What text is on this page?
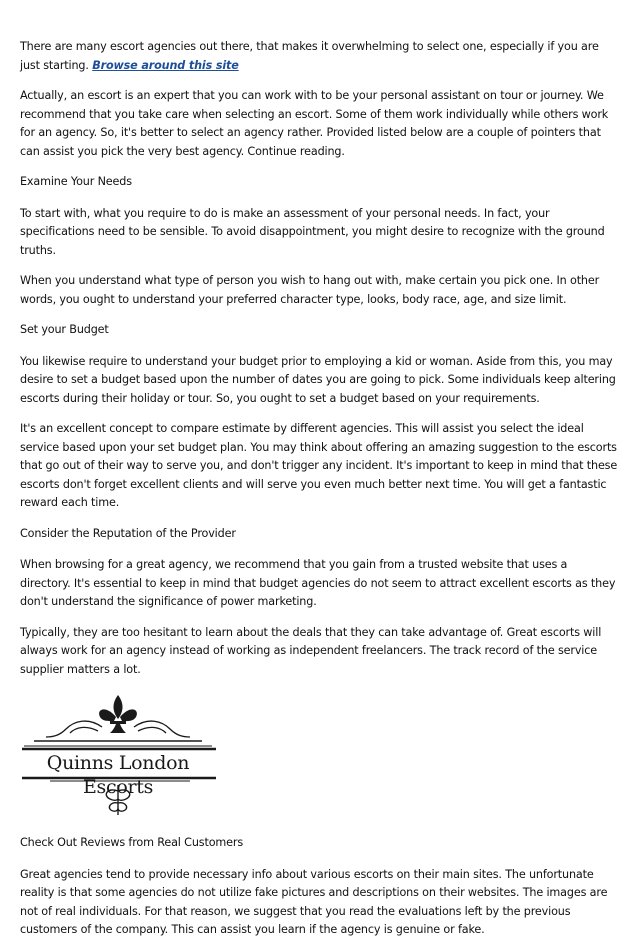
There are many escort agencies out there, that makes it overwhelming to select one, especially if you are just starting. Browse around this site

Actually, an escort is an expert that you can work with to be your personal assistant on tour or journey. We recommend that you take care when selecting an escort. Some of them work individually while others work for an agency. So, it's better to select an agency rather. Provided listed below are a couple of pointers that can assist you pick the very best agency. Continue reading.

Examine Your Needs

To start with, what you require to do is make an assessment of your personal needs. In fact, your specifications need to be sensible. To avoid disappointment, you might desire to recognize with the ground truths.

When you understand what type of person you wish to hang out with, make certain you pick one. In other words, you ought to understand your preferred character type, looks, body race, age, and size limit.

Set your Budget

You likewise require to understand your budget prior to employing a kid or woman. Aside from this, you may desire to set a budget based upon the number of dates you are going to pick. Some individuals keep altering escorts during their holiday or tour. So, you ought to set a budget based on your requirements.

It's an excellent concept to compare estimate by different agencies. This will assist you select the ideal service based upon your set budget plan. You may think about offering an amazing suggestion to the escorts that go out of their way to serve you, and don't trigger any incident. It's important to keep in mind that these escorts don't forget excellent clients and will serve you even much better next time. You will get a fantastic reward each time.

Consider the Reputation of the Provider

When browsing for a great agency, we recommend that you gain from a trusted website that uses a directory. It's essential to keep in mind that budget agencies do not seem to attract excellent escorts as they don't understand the significance of power marketing.

Typically, they are too hesitant to learn about the deals that they can take advantage of. Great escorts will always work for an agency instead of working as independent freelancers. The track record of the service supplier matters a lot.

Quinns London Escorts

Check Out Reviews from Real Customers

Great agencies tend to provide necessary info about various escorts on their main sites. The unfortunate reality is that some agencies do not utilize fake pictures and descriptions on their websites. The images are not of real individuals. For that reason, we suggest that you read the evaluations left by the previous customers of the company. This can assist you learn if the agency is genuine or fake.
